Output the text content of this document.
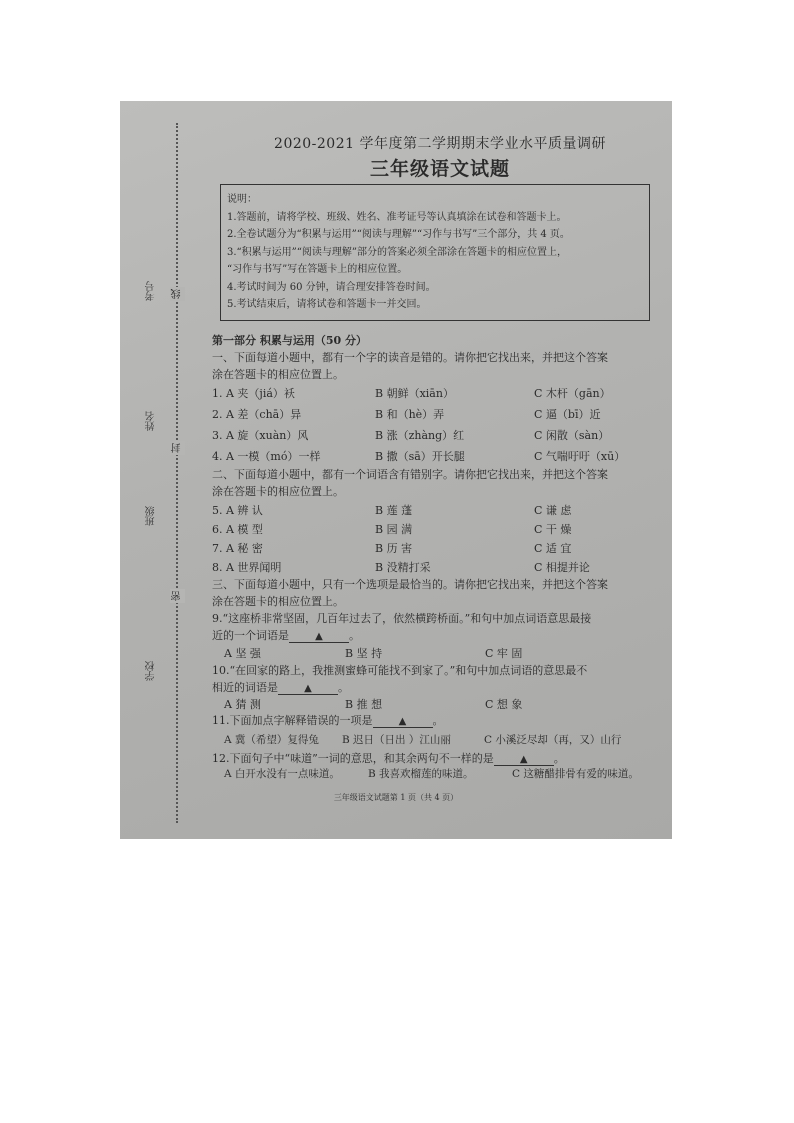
考号
姓名
班级
学校
线
封
密
2020-2021 学年度第二学期期末学业水平质量调研
三年级语文试题
说明：
1.答题前，请将学校、班级、姓名、准考证号等认真填涂在试卷和答题卡上。
2.全卷试题分为“积累与运用”“阅读与理解”“习作与书写”三个部分，共 4 页。
3.“积累与运用”“阅读与理解”部分的答案必须全部涂在答题卡的相应位置上，
“习作与书写”写在答题卡上的相应位置。
4.考试时间为 60 分钟，请合理安排答卷时间。
5.考试结束后，请将试卷和答题卡一并交回。
第一部分 积累与运用（50 分）
一、下面每道小题中，都有一个字的读音是错的。请你把它找出来，并把这个答案
涂在答题卡的相应位置上。
1. A 夹（jiá）袄	B 朝鲜（xiān）	C 木杆（gān）
2. A 差（chā）异	B 和（hè）弄	C 逼（bī）近
3. A 旋（xuàn）风	B 涨（zhàng）红	C 闲散（sàn）
4. A 一模（mó）一样	B 撒（sā）开长腿	C 气喘吁吁（xū）
二、下面每道小题中，都有一个词语含有错别字。请你把它找出来，并把这个答案
涂在答题卡的相应位置上。
5. A 辨 认	B 莲 蓬	C 谦 虑
6. A 模 型	B 园 满	C 干 燥
7. A 秘 密	B 历 害	C 适 宜
8. A 世界闻明	B 没精打采	C 相提并论
三、下面每道小题中，只有一个选项是最恰当的。请你把它找出来，并把这个答案
涂在答题卡的相应位置上。
9.“这座桥非常坚固，几百年过去了，依然横跨桥面。”和句中加点词语意思最接
近的一个词语是 ▲	。
A 坚 强	B 坚 持	C 牢 固
10.“在回家的路上，我推测蜜蜂可能找不到家了。”和句中加点词语的意思最不
相近的词语是 ▲	。
A 猜 测	B 推 想	C 想 象
11.下面加点字解释错误的一项是 ▲	。
A 冀（希望）复得兔 B 迟日（日出 ）江山丽	C 小溪泛尽却（再，又）山行
12.下面句子中“味道”一词的意思，和其余两句不一样的是 ▲	。
A 白开水没有一点味道。	B 我喜欢榴莲的味道。	C 这糖醋排骨有爱的味道。
三年级语文试题第 1 页（共 4 页）
